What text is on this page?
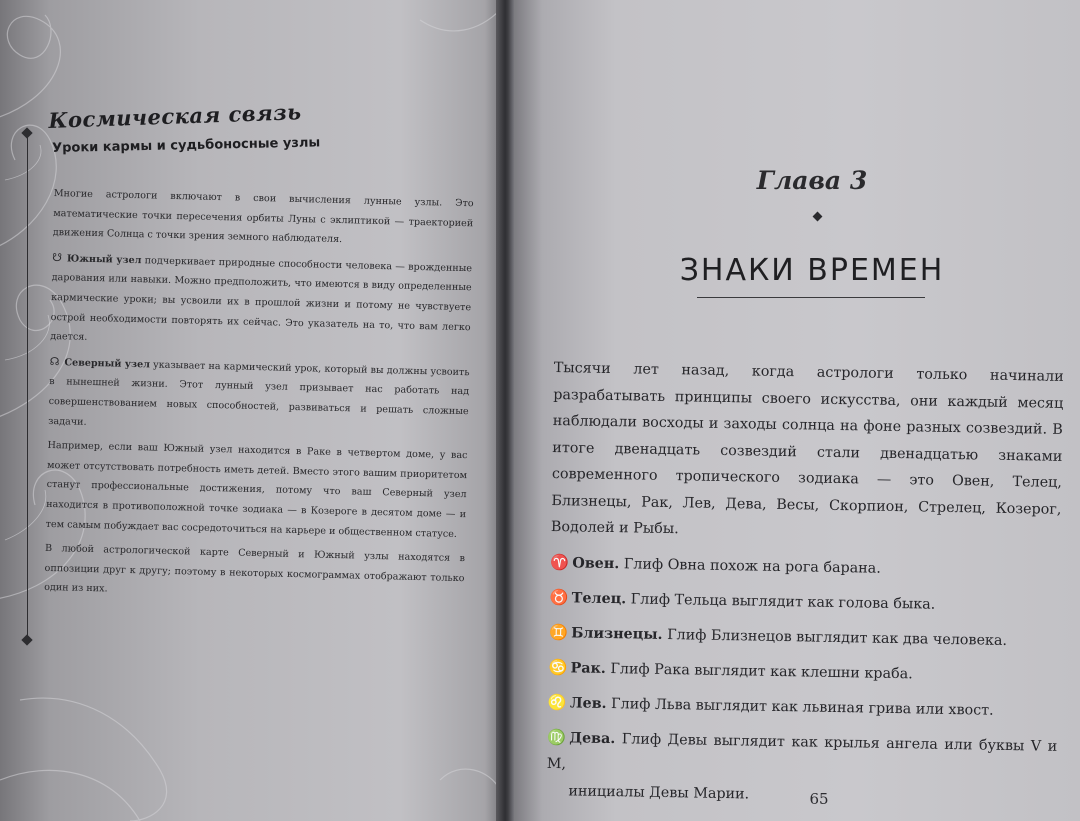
Космическая связь
Уроки кармы и судьбоносные узлы

Многие астрологи включают в свои вычисления лунные узлы. Это математические точки пересечения орбиты Луны с эклиптикой — траекторией движения Солнца с точки зрения земного наблюдателя.

☋ Южный узел подчеркивает природные способности человека — врожденные дарования или навыки. Можно предположить, что имеются в виду определенные кармические уроки; вы усвоили их в прошлой жизни и потому не чувствуете острой необходимости повторять их сейчас. Это указатель на то, что вам легко дается.

☊ Северный узел указывает на кармический урок, который вы должны усвоить в нынешней жизни. Этот лунный узел призывает нас работать над совершенствованием новых способностей, развиваться и решать сложные задачи.

Например, если ваш Южный узел находится в Раке в четвертом доме, у вас может отсутствовать потребность иметь детей. Вместо этого вашим приоритетом станут профессиональные достижения, потому что ваш Северный узел находится в противоположной точке зодиака — в Козероге в десятом доме — и тем самым побуждает вас сосредоточиться на карьере и общественном статусе.

В любой астрологической карте Северный и Южный узлы находятся в оппозиции друг к другу; поэтому в некоторых космограммах отображают только один из них.

Глава 3
ЗНАКИ ВРЕМЕН

Тысячи лет назад, когда астрологи только начинали разрабатывать принципы своего искусства, они каждый месяц наблюдали восходы и заходы солнца на фоне разных созвездий. В итоге двенадцать созвездий стали двенадцатью знаками современного тропического зодиака — это Овен, Телец, Близнецы, Рак, Лев, Дева, Весы, Скорпион, Стрелец, Козерог, Водолей и Рыбы.

♈ Овен. Глиф Овна похож на рога барана.
♉ Телец. Глиф Тельца выглядит как голова быка.
♊ Близнецы. Глиф Близнецов выглядит как два человека.
♋ Рак. Глиф Рака выглядит как клешни краба.
♌ Лев. Глиф Льва выглядит как львиная грива или хвост.
♍ Дева. Глиф Девы выглядит как крылья ангела или буквы V и M,
инициалы Девы Марии.	65
